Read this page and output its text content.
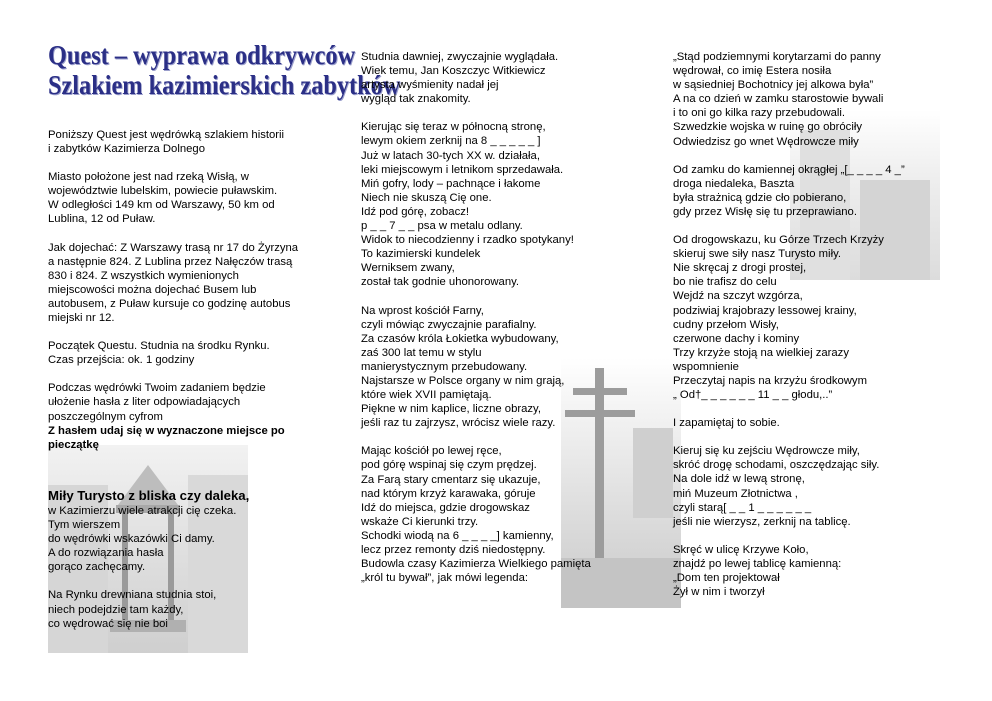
Quest – wyprawa odkrywców
Szlakiem kazimierskich zabytków

Poniższy Quest jest wędrówką szlakiem historii
i zabytków Kazimierza Dolnego

Miasto położone jest nad rzeką Wisłą, w
województwie lubelskim, powiecie puławskim.
W odległości 149 km od Warszawy, 50 km od
Lublina, 12 od Puław.

Jak dojechać: Z Warszawy trasą nr 17 do Żyrzyna
a następnie 824. Z Lublina przez Nałęczów trasą
830 i 824. Z wszystkich wymienionych
miejscowości można dojechać Busem lub
autobusem, z Puław kursuje co godzinę autobus
miejski nr 12.

Początek Questu. Studnia na środku Rynku.
Czas przejścia: ok. 1 godziny

Podczas wędrówki Twoim zadaniem będzie
ułożenie hasła z liter odpowiadających
poszczególnym cyfrom
Z hasłem udaj się w wyznaczone miejsce po
pieczątkę

Miły Turysto z bliska czy daleka,

w Kazimierzu wiele atrakcji cię czeka.
Tym wierszem
do wędrówki wskazówki Ci damy.
A do rozwiązania hasła
gorąco zachęcamy.

Na Rynku drewniana studnia stoi,
niech podejdzie tam każdy,
co wędrować się nie boi

Studnia dawniej, zwyczajnie wyglądała.
Wiek temu, Jan Koszczyc Witkiewicz
artysta wyśmienity nadał jej
wygląd tak znakomity.

Kierując się teraz w północną stronę,
lewym okiem zerknij na 8 _ _ _ _ _ ]
Już w latach 30-tych XX w. działała,
leki miejscowym i letnikom sprzedawała.
Miń gofry, lody – pachnące i łakome
Niech nie skuszą Cię one.
Idź pod górę, zobacz!
p _ _ 7 _ _ psa w metalu odlany.
Widok to niecodzienny i rzadko spotykany!
To kazimierski kundelek
Werniksem zwany,
został tak godnie uhonorowany.

Na wprost kościół Farny,
czyli mówiąc zwyczajnie parafialny.
Za czasów króla Łokietka wybudowany,
zaś 300 lat temu w stylu
manierystycznym przebudowany.
Najstarsze w Polsce organy w nim grają,
które wiek XVII pamiętają.
Piękne w nim kaplice, liczne obrazy,
jeśli raz tu zajrzysz, wrócisz wiele razy.

Mając kościół po lewej ręce,
pod górę wspinaj się czym prędzej.
Za Farą stary cmentarz się ukazuje,
nad którym krzyż karawaka, góruje
Idź do miejsca, gdzie drogowskaz
wskaże Ci kierunki trzy.
Schodki wiodą na 6 _ _ _ _] kamienny,
lecz przez remonty dziś niedostępny.
Budowla czasy Kazimierza Wielkiego pamięta
„król tu bywał”, jak mówi legenda:

„Stąd podziemnymi korytarzami do panny
wędrował, co imię Estera nosiła
w sąsiedniej Bochotnicy jej alkowa była”
A na co dzień w zamku starostowie bywali
i to oni go kilka razy przebudowali.
Szwedzkie wojska w ruinę go obróciły
Odwiedzisz go wnet Wędrowcze miły

Od zamku do kamiennej okrągłej „[_ _ _ _ 4 _”
droga niedaleka, Baszta
była strażnicą gdzie cło pobierano,
gdy przez Wisłę się tu przeprawiano.

Od drogowskazu, ku Górze Trzech Krzyży
skieruj swe siły nasz Turysto miły.
Nie skręcaj z drogi prostej,
bo nie trafisz do celu
Wejdź na szczyt wzgórza,
podziwiaj krajobrazy lessowej krainy,
cudny przełom Wisły,
czerwone dachy i kominy
Trzy krzyże stoją na wielkiej zarazy
wspomnienie
Przeczytaj napis na krzyżu środkowym
„ Od†_ _ _ _ _ _ 11 _ _ głodu,..”

I zapamiętaj to sobie.

Kieruj się ku zejściu Wędrowcze miły,
skróć drogę schodami, oszczędzając siły.
Na dole idź w lewą stronę,
miń Muzeum Złotnictwa ,
czyli starą[ _ _ 1 _ _ _ _ _ _
jeśli nie wierzysz, zerknij na tablicę.

Skręć w ulicę Krzywe Koło,
znajdź po lewej tablicę kamienną:
„Dom ten projektował
Żył w nim i tworzył
